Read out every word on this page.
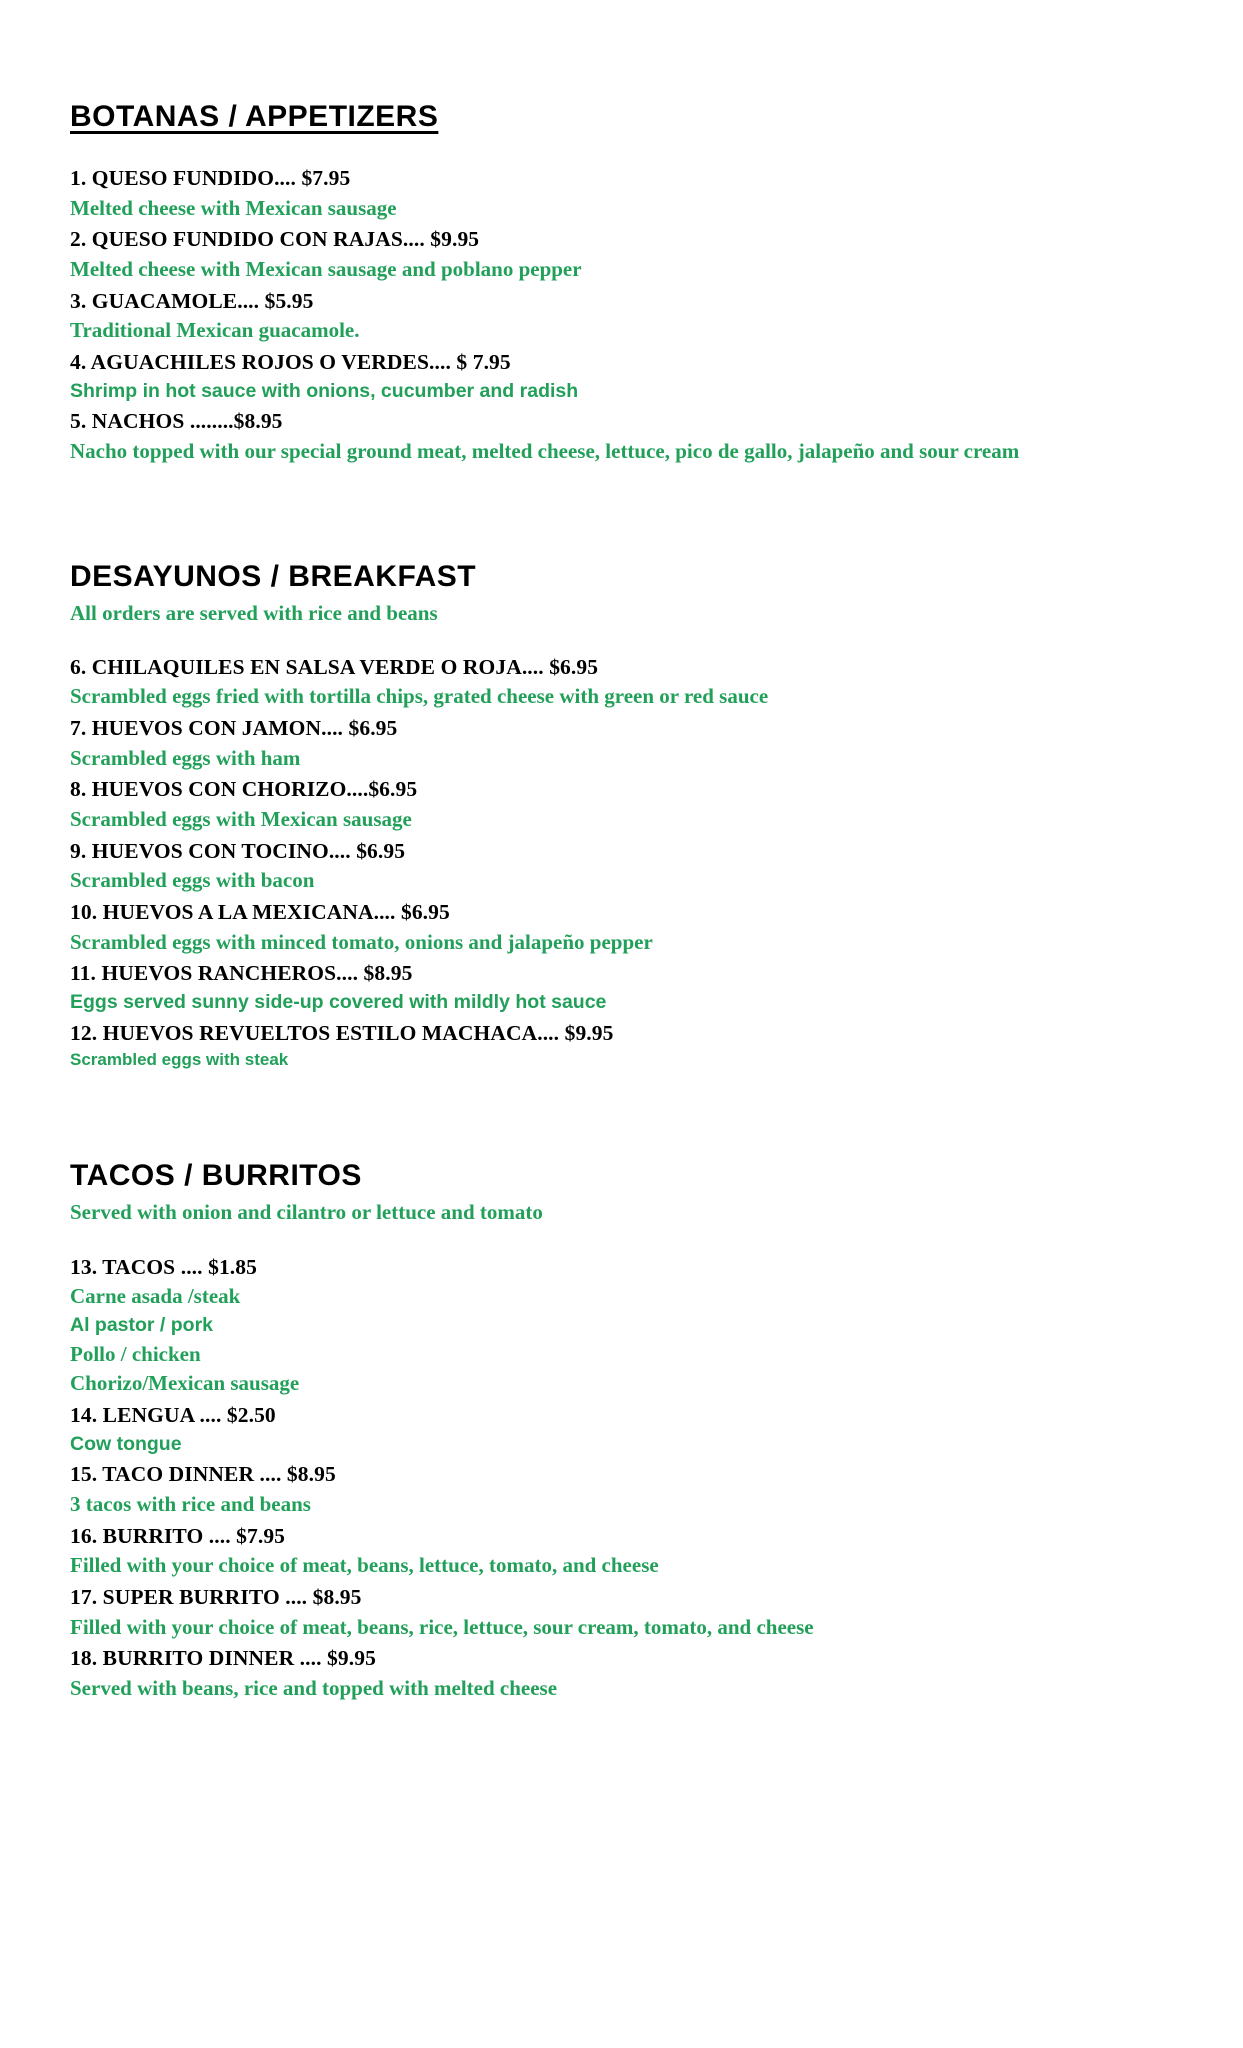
BOTANAS / APPETIZERS
1. QUESO FUNDIDO.... $7.95
Melted cheese with Mexican sausage
2. QUESO FUNDIDO CON RAJAS.... $9.95
Melted cheese with Mexican sausage and poblano pepper
3. GUACAMOLE.... $5.95
Traditional Mexican guacamole.
4. AGUACHILES ROJOS O VERDES.... $ 7.95
Shrimp in hot sauce with onions, cucumber and radish
5. NACHOS ........$8.95
Nacho topped with our special ground meat, melted cheese, lettuce, pico de gallo, jalapeño and sour cream
DESAYUNOS / BREAKFAST
All orders are served with rice and beans
6. CHILAQUILES EN SALSA VERDE O ROJA.... $6.95
Scrambled eggs fried with tortilla chips, grated cheese with green or red sauce
7. HUEVOS CON JAMON.... $6.95
Scrambled eggs with ham
8. HUEVOS CON CHORIZO....$6.95
Scrambled eggs with Mexican sausage
9. HUEVOS CON TOCINO.... $6.95
Scrambled eggs with bacon
10. HUEVOS A LA MEXICANA.... $6.95
Scrambled eggs with minced tomato, onions and jalapeño pepper
11. HUEVOS RANCHEROS.... $8.95
Eggs served sunny side-up covered with mildly hot sauce
12. HUEVOS REVUELTOS ESTILO MACHACA.... $9.95
Scrambled eggs with steak
TACOS / BURRITOS
Served with onion and cilantro or lettuce and tomato
13. TACOS .... $1.85
Carne asada /steak
Al pastor / pork
Pollo / chicken
Chorizo/Mexican sausage
14. LENGUA .... $2.50
Cow tongue
15. TACO DINNER .... $8.95
3 tacos with rice and beans
16. BURRITO .... $7.95
Filled with your choice of meat, beans, lettuce, tomato, and cheese
17. SUPER BURRITO .... $8.95
Filled with your choice of meat, beans, rice, lettuce, sour cream, tomato, and cheese
18. BURRITO DINNER .... $9.95
Served with beans, rice and topped with melted cheese
